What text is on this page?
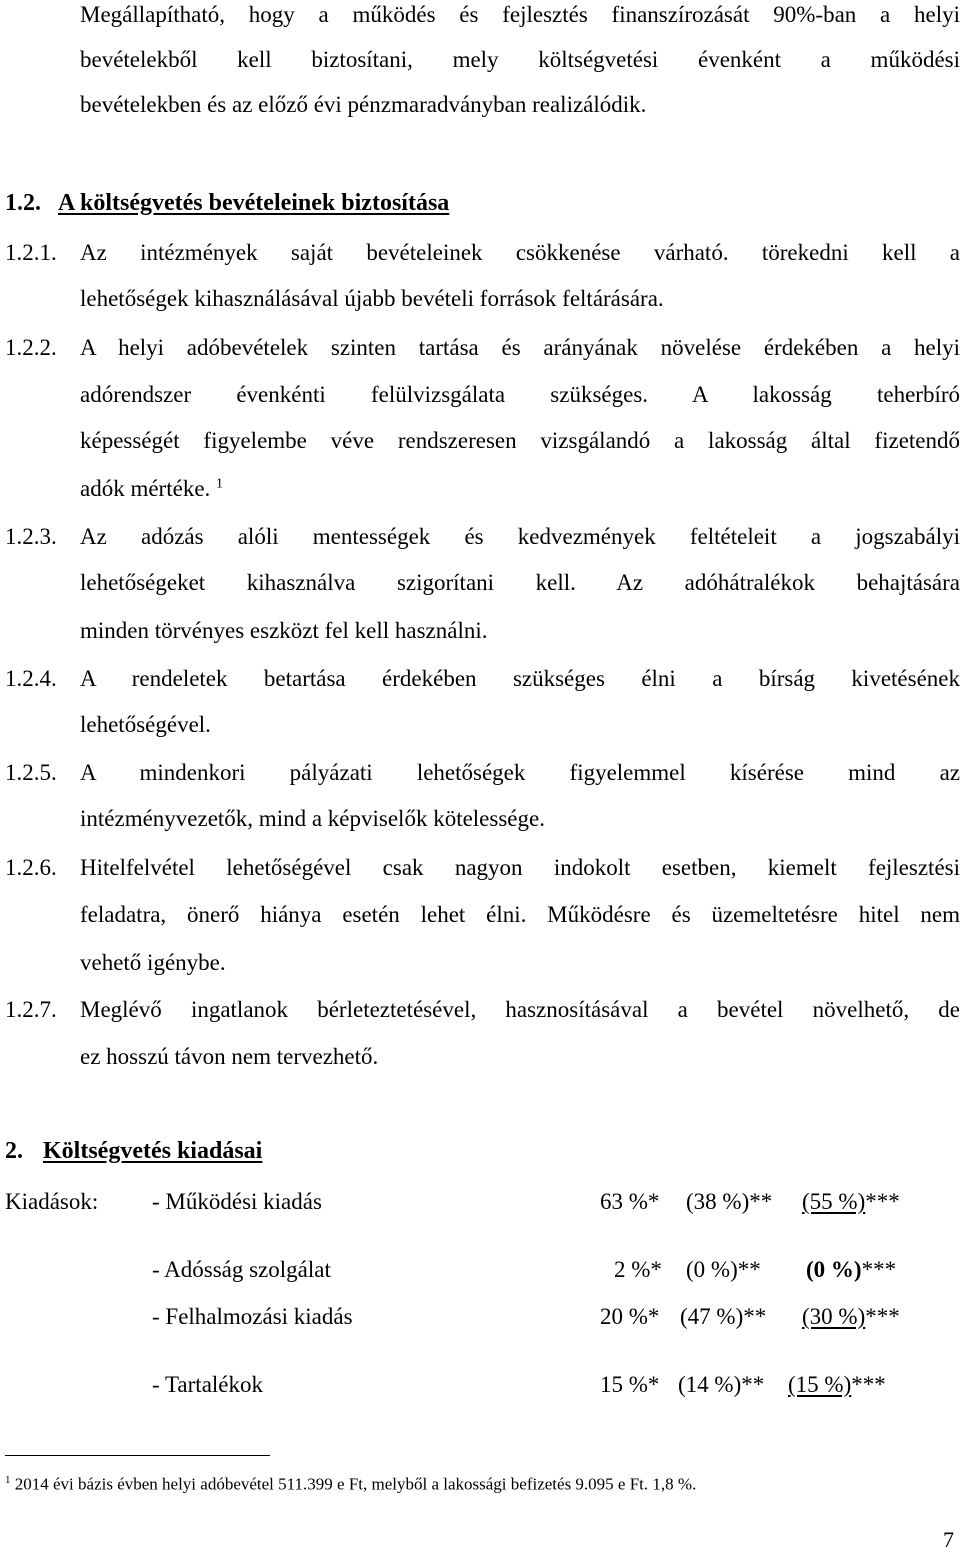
Megállapítható, hogy a működés és fejlesztés finanszírozását 90%-ban a helyi
bevételekből kell biztosítani, mely költségvetési évenként a működési
bevételekben és az előző évi pénzmaradványban realizálódik.
1.2. A költségvetés bevételeinek biztosítása
1.2.1. Az intézmények saját bevételeinek csökkenése várható. törekedni kell a
lehetőségek kihasználásával újabb bevételi források feltárására.
1.2.2. A helyi adóbevételek szinten tartása és arányának növelése érdekében a helyi
adórendszer évenkénti felülvizsgálata szükséges. A lakosság teherbíró
képességét figyelembe véve rendszeresen vizsgálandó a lakosság által fizetendő
adók mértéke. $^1$
1.2.3. Az adózás alóli mentességek és kedvezmények feltételeit a jogszabályi
lehetőségeket kihasználva szigorítani kell. Az adóhátralékok behajtására
minden törvényes eszközt fel kell használni.
1.2.4. A rendeletek betartása érdekében szükséges élni a bírság kivetésének
lehetőségével.
1.2.5. A mindenkori pályázati lehetőségek figyelemmel kísérése mind az
intézményvezetők, mind a képviselők kötelessége.
1.2.6. Hitelfelvétel lehetőségével csak nagyon indokolt esetben, kiemelt fejlesztési
feladatra, önerő hiánya esetén lehet élni. Működésre és üzemeltetésre hitel nem
vehető igénybe.
1.2.7. Meglévő ingatlanok bérleteztetésével, hasznosításával a bevétel növelhető, de
ez hosszú távon nem tervezhető.
2. Költségvetés kiadásai
Kiadások: - Működési kiadás	63 %* (38 %)** (55 %)***
- Adósság szolgálat	2 %* (0 %)** (0 %)***
- Felhalmozási kiadás	20 %* (47 %)** (30 %)***
- Tartalékok	15 %* (14 %)** (15 %)***
$^1$ 2014 évi bázis évben helyi adóbevétel 511.399 e Ft, melyből a lakossági befizetés 9.095 e Ft. 1,8 %.
7
